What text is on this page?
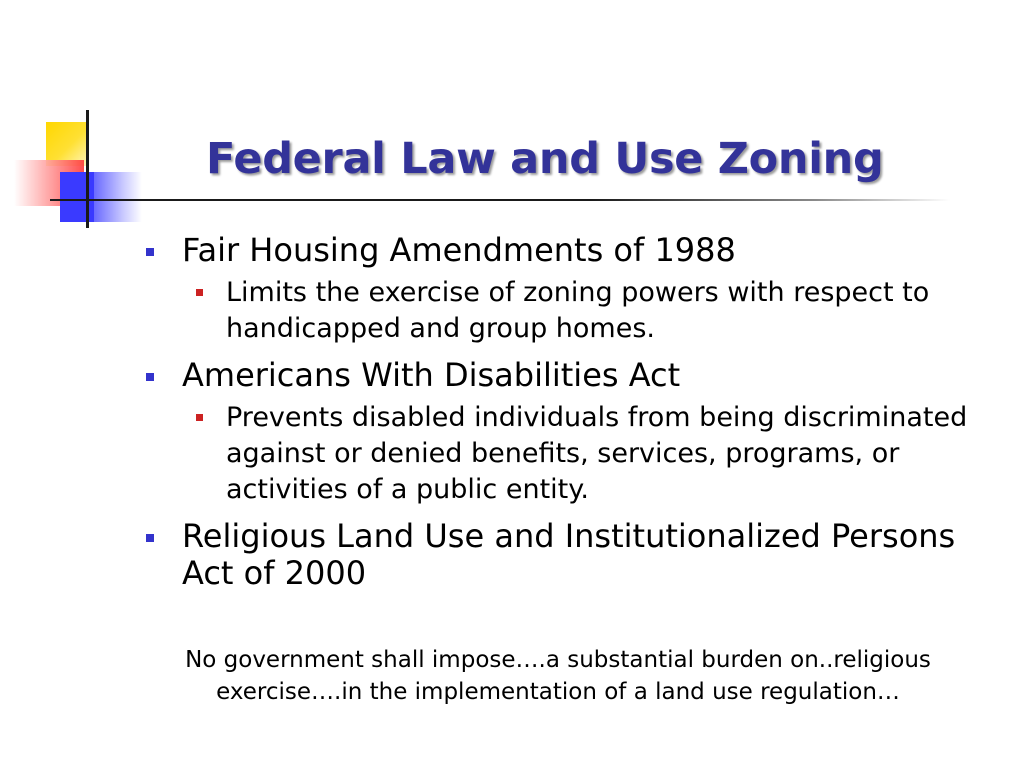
Federal Law and Use Zoning
Fair Housing Amendments of 1988
Limits the exercise of zoning powers with respect to handicapped and group homes.
Americans With Disabilities Act
Prevents disabled individuals from being discriminated against or denied benefits, services, programs, or activities of a public entity.
Religious Land Use and Institutionalized Persons Act of 2000
No government shall impose….a substantial burden on..religious exercise….in the implementation of a land use regulation…
